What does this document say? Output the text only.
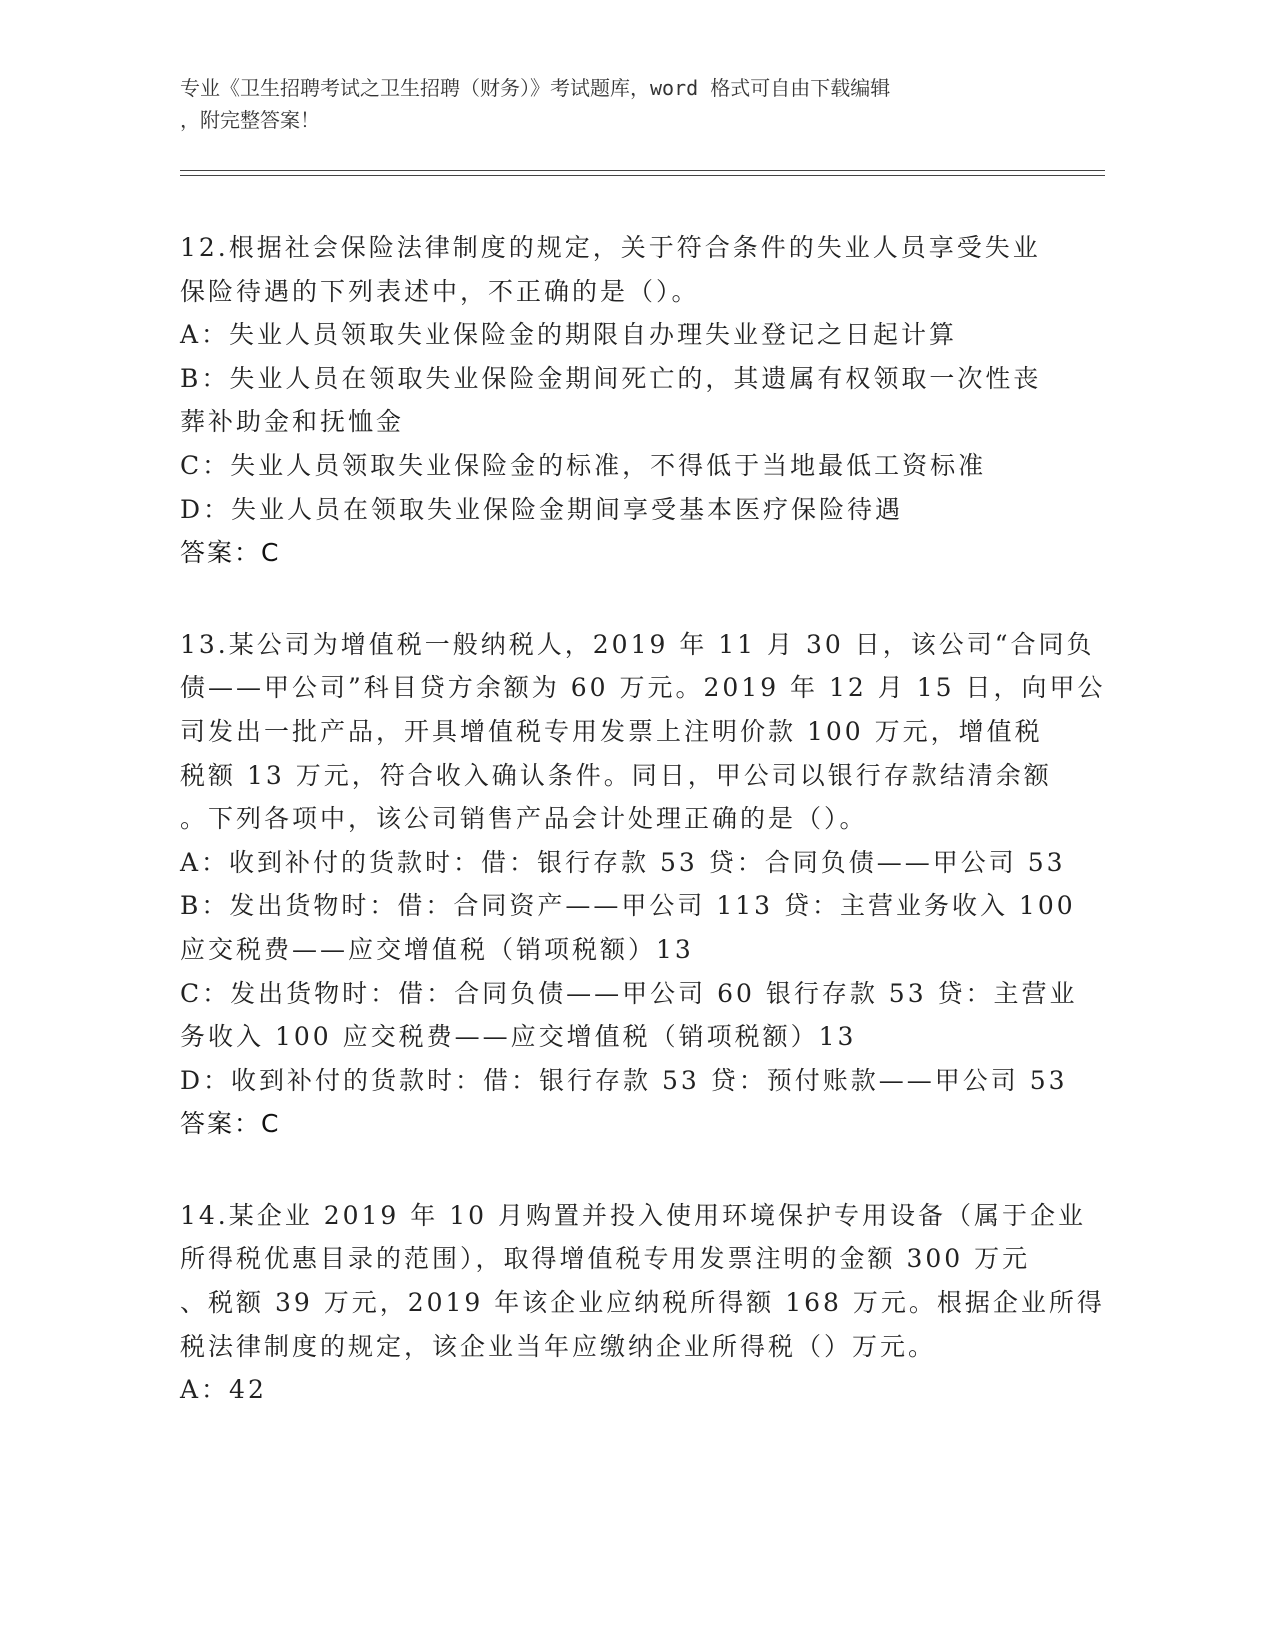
专业《卫生招聘考试之卫生招聘（财务）》考试题库，word 格式可自由下载编辑
，附完整答案！
12.根据社会保险法律制度的规定，关于符合条件的失业人员享受失业
保险待遇的下列表述中，不正确的是（）。
A：失业人员领取失业保险金的期限自办理失业登记之日起计算
B：失业人员在领取失业保险金期间死亡的，其遗属有权领取一次性丧
葬补助金和抚恤金
C：失业人员领取失业保险金的标准，不得低于当地最低工资标准
D：失业人员在领取失业保险金期间享受基本医疗保险待遇
答案：C
13.某公司为增值税一般纳税人，2019 年 11 月 30 日，该公司“合同负
债——甲公司”科目贷方余额为 60 万元。2019 年 12 月 15 日，向甲公
司发出一批产品，开具增值税专用发票上注明价款 100 万元，增值税
税额 13 万元，符合收入确认条件。同日，甲公司以银行存款结清余额
。下列各项中，该公司销售产品会计处理正确的是（）。
A：收到补付的货款时：借：银行存款 53 贷：合同负债——甲公司 53
B：发出货物时：借：合同资产——甲公司 113 贷：主营业务收入 100
应交税费——应交增值税（销项税额）13
C：发出货物时：借：合同负债——甲公司 60 银行存款 53 贷：主营业
务收入 100 应交税费——应交增值税（销项税额）13
D：收到补付的货款时：借：银行存款 53 贷：预付账款——甲公司 53
答案：C
14.某企业 2019 年 10 月购置并投入使用环境保护专用设备（属于企业
所得税优惠目录的范围），取得增值税专用发票注明的金额 300 万元
、税额 39 万元，2019 年该企业应纳税所得额 168 万元。根据企业所得
税法律制度的规定，该企业当年应缴纳企业所得税（）万元。
A：42
